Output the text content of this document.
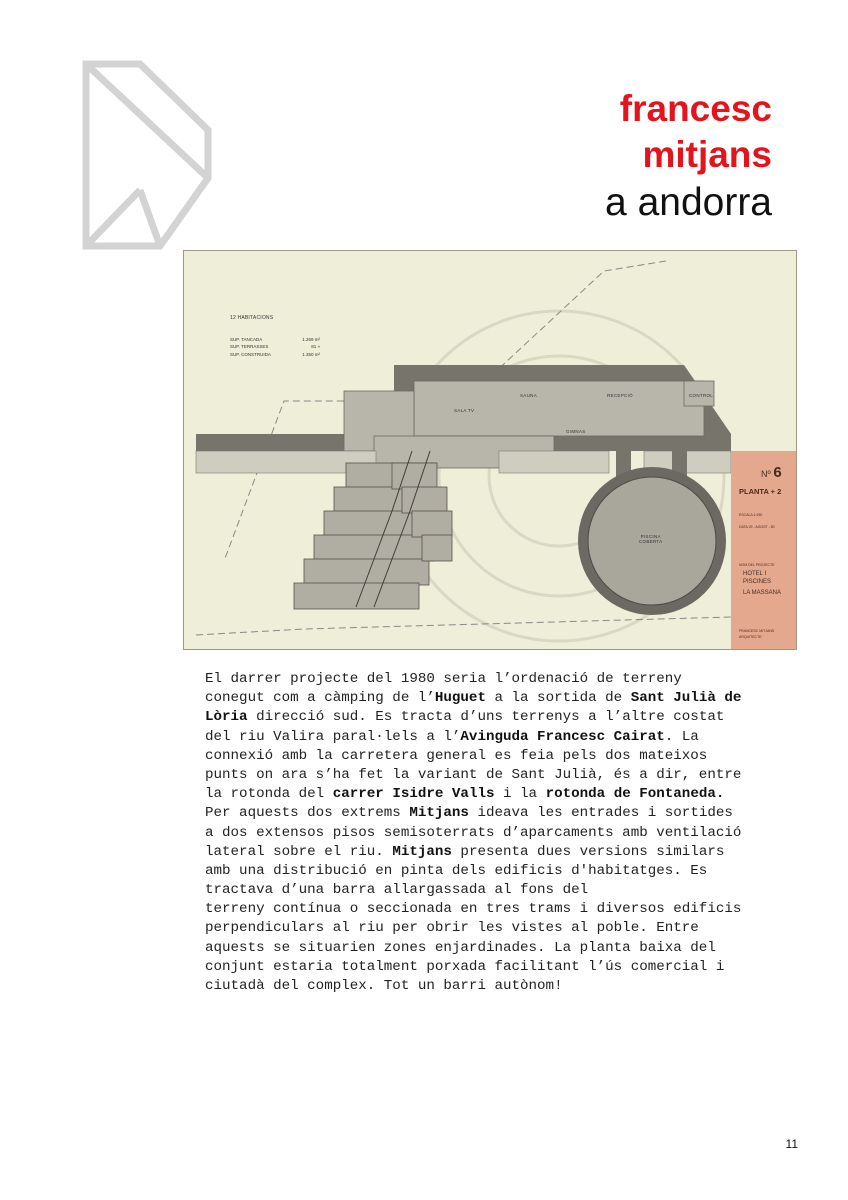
francesc
mitjans
a andorra
12 HABITACIONS
SUP. TANCADA	1.269 m²
SUP. TERRASSES	81 »
SUP. CONSTRUIDA	1.350 m²
SALA TV
SAUNA	RECEPCIÓ	CONTROL
GIMNAS
PISCINA
COBERTA
Nº 6
PLANTA + 2
ESCALA 1:250
DATA 29 - AGOST - 80
NOM DEL PROJECTE
HOTEL I
PISCINES
LA MASSANA
FRANCESC MITJANS
ARQUITECTE
El darrer projecte del 1980 seria l’ordenació de terreny
conegut com a càmping de l’Huguet a la sortida de Sant Julià de
Lòria direcció sud. Es tracta d’uns terrenys a l’altre costat
del riu Valira paral·lels a l’Avinguda Francesc Cairat. La
connexió amb la carretera general es feia pels dos mateixos
punts on ara s’ha fet la variant de Sant Julià, és a dir, entre
la rotonda del carrer Isidre Valls i la rotonda de Fontaneda.
Per aquests dos extrems Mitjans ideava les entrades i sortides
a dos extensos pisos semisoterrats d’aparcaments amb ventilació
lateral sobre el riu. Mitjans presenta dues versions similars
amb una distribució en pinta dels edificis d'habitatges. Es
tractava d’una barra allargassada al fons del
terreny contínua o seccionada en tres trams i diversos edificis
perpendiculars al riu per obrir les vistes al poble. Entre
aquests se situarien zones enjardinades. La planta baixa del
conjunt estaria totalment porxada facilitant l’ús comercial i
ciutadà del complex. Tot un barri autònom!
11
